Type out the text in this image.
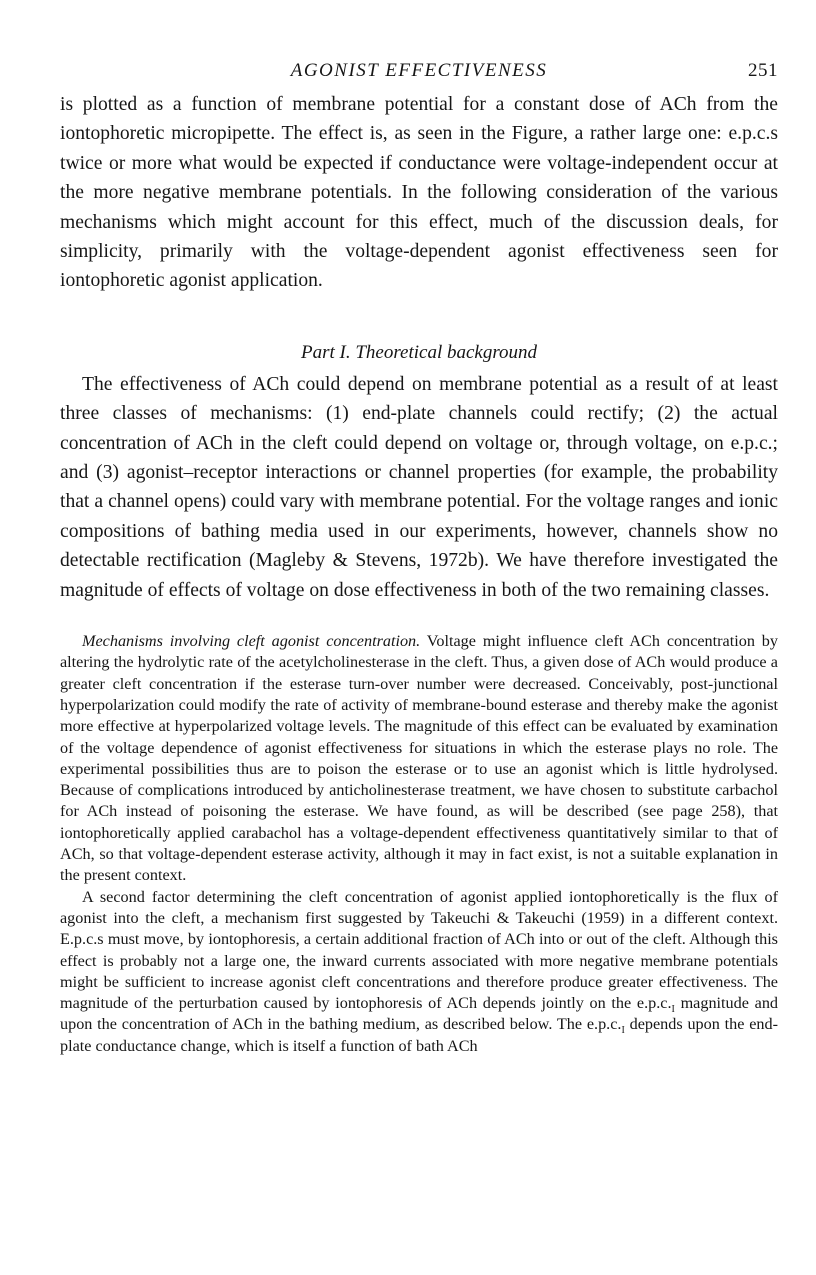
AGONIST EFFECTIVENESS	251

is plotted as a function of membrane potential for a constant dose of ACh from the iontophoretic micropipette. The effect is, as seen in the Figure, a rather large one: e.p.c.s twice or more what would be expected if conductance were voltage-independent occur at the more negative membrane potentials. In the following consideration of the various mechanisms which might account for this effect, much of the discussion deals, for simplicity, primarily with the voltage-dependent agonist effectiveness seen for iontophoretic agonist application.

Part I. Theoretical background

The effectiveness of ACh could depend on membrane potential as a result of at least three classes of mechanisms: (1) end-plate channels could rectify; (2) the actual concentration of ACh in the cleft could depend on voltage or, through voltage, on e.p.c.; and (3) agonist–receptor interactions or channel properties (for example, the probability that a channel opens) could vary with membrane potential. For the voltage ranges and ionic compositions of bathing media used in our experiments, however, channels show no detectable rectification (Magleby & Stevens, 1972b). We have therefore investigated the magnitude of effects of voltage on dose effectiveness in both of the two remaining classes.

Mechanisms involving cleft agonist concentration. Voltage might influence cleft ACh concentration by altering the hydrolytic rate of the acetylcholinesterase in the cleft. Thus, a given dose of ACh would produce a greater cleft concentration if the esterase turn-over number were decreased. Conceivably, post-junctional hyperpolarization could modify the rate of activity of membrane-bound esterase and thereby make the agonist more effective at hyperpolarized voltage levels. The magnitude of this effect can be evaluated by examination of the voltage dependence of agonist effectiveness for situations in which the esterase plays no role. The experimental possibilities thus are to poison the esterase or to use an agonist which is little hydrolysed. Because of complications introduced by anticholinesterase treatment, we have chosen to substitute carbachol for ACh instead of poisoning the esterase. We have found, as will be described (see page 258), that iontophoretically applied carabachol has a voltage-dependent effectiveness quantitatively similar to that of ACh, so that voltage-dependent esterase activity, although it may in fact exist, is not a suitable explanation in the present context.

A second factor determining the cleft concentration of agonist applied iontophoretically is the flux of agonist into the cleft, a mechanism first suggested by Takeuchi & Takeuchi (1959) in a different context. E.p.c.s must move, by iontophoresis, a certain additional fraction of ACh into or out of the cleft. Although this effect is probably not a large one, the inward currents associated with more negative membrane potentials might be sufficient to increase agonist cleft concentrations and therefore produce greater effectiveness. The magnitude of the perturbation caused by iontophoresis of ACh depends jointly on the $e.p.c._I$ magnitude and upon the concentration of ACh in the bathing medium, as described below. The $e.p.c._I$ depends upon the end-plate conductance change, which is itself a function of bath ACh
